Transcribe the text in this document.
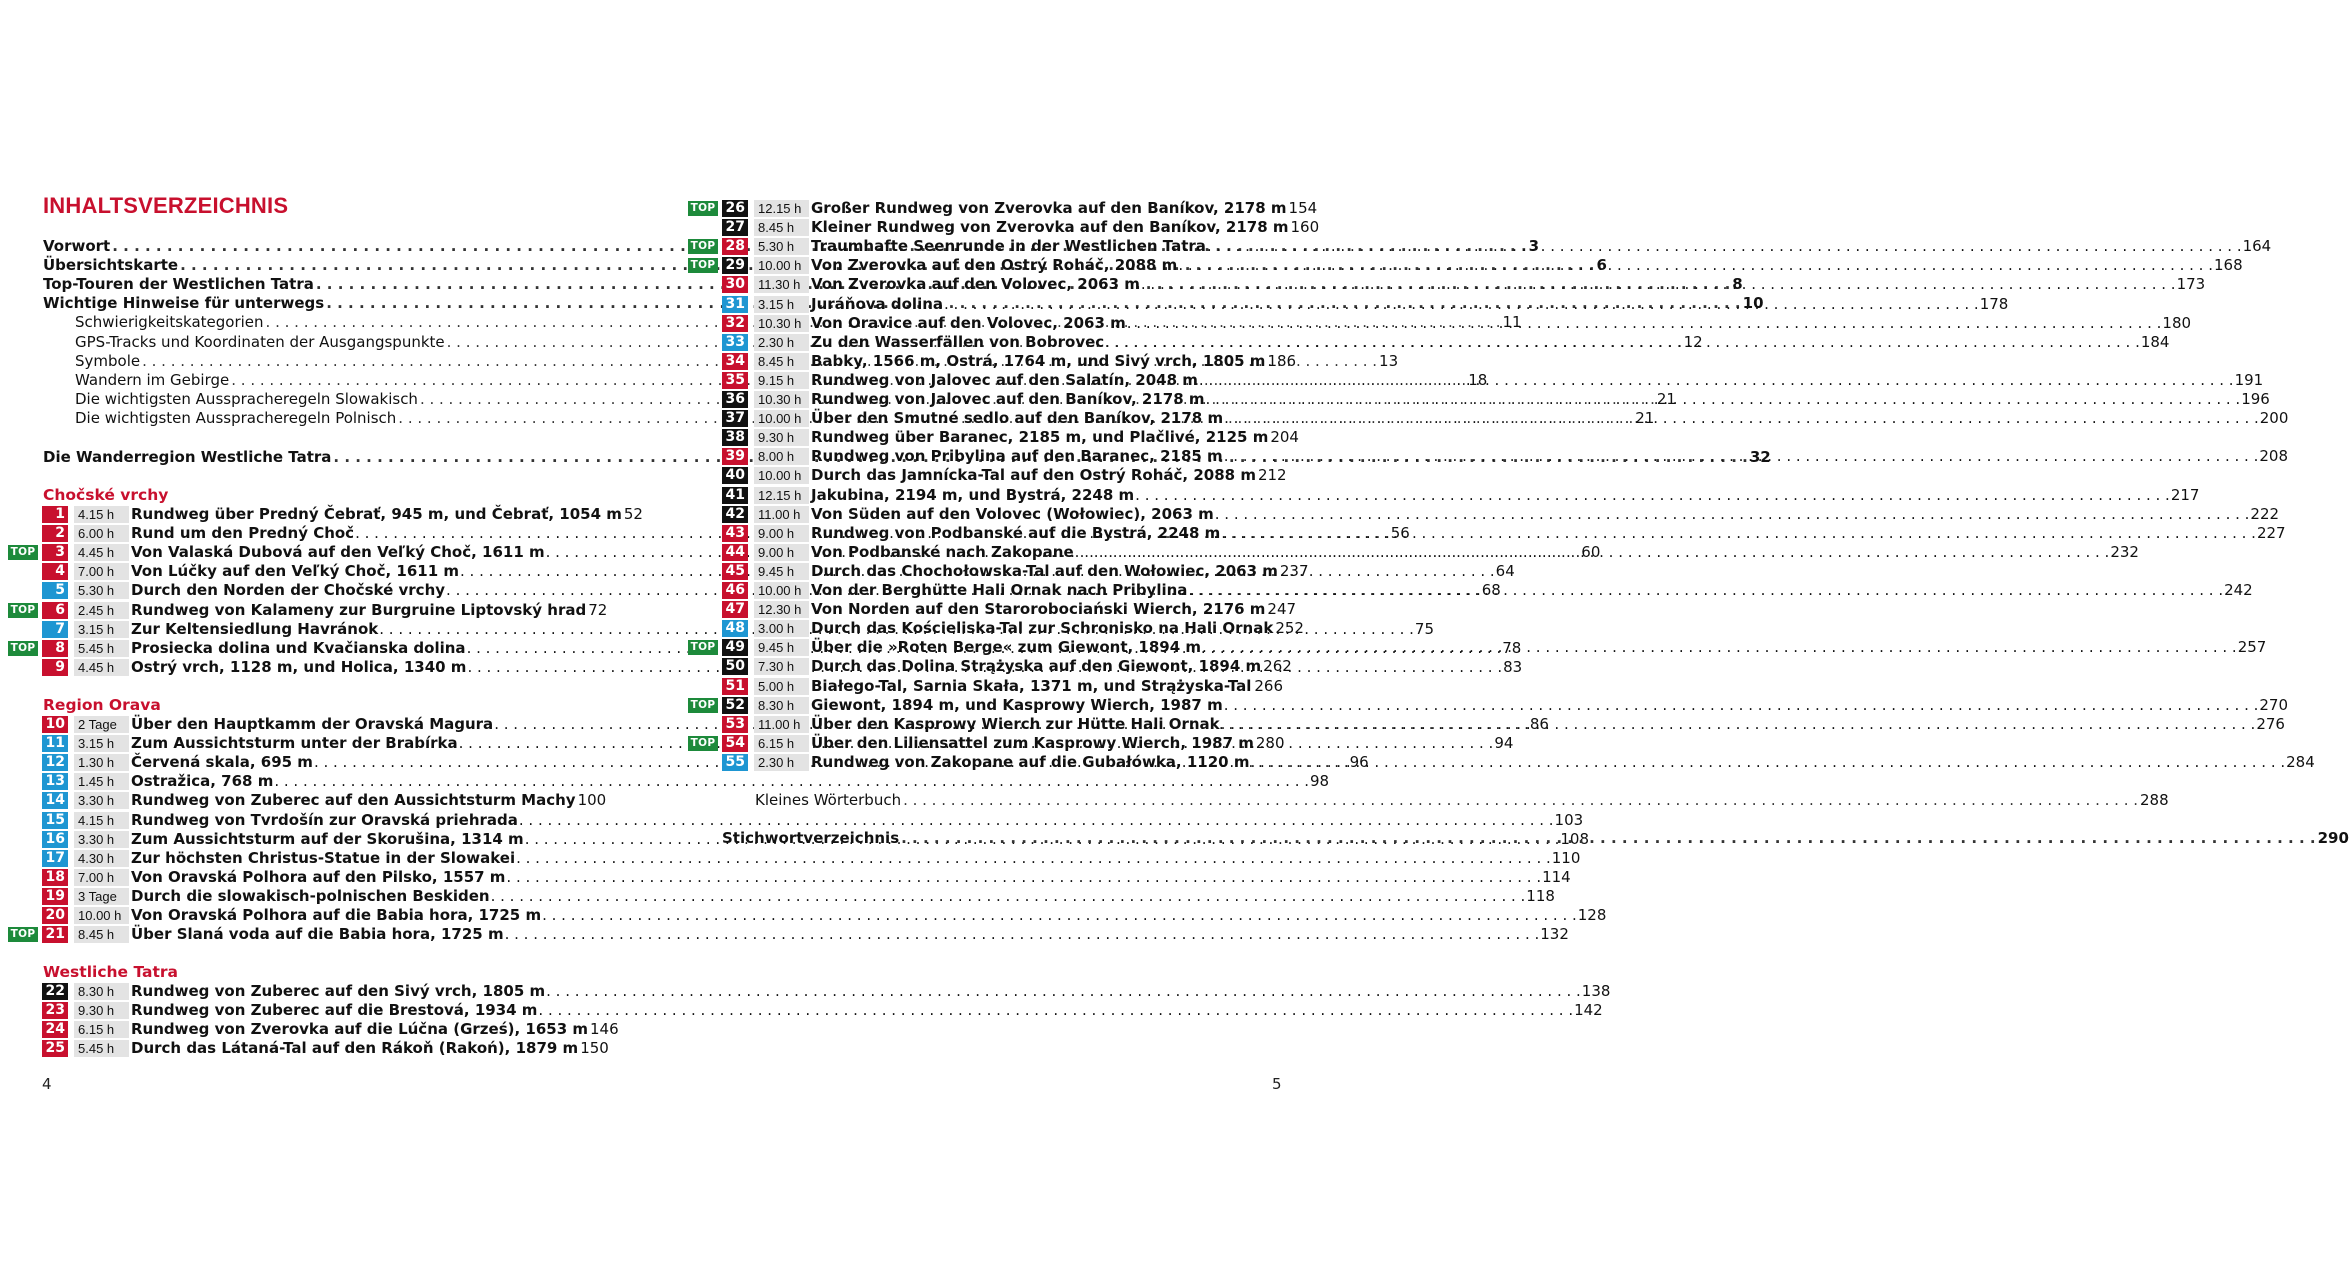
INHALTSVERZEICHNIS
Vorwort . . .	3
Übersichtskarte . . .	6
Top-Touren der Westlichen Tatra . . .	8
Wichtige Hinweise für unterwegs . . .	10
Schwierigkeitskategorien . . .	11
GPS-Tracks und Koordinaten der Ausgangspunkte . . .	12
Symbole . . .	13
Wandern im Gebirge . . .	18
Die wichtigsten Ausspracheregeln Slowakisch . . .	21
Die wichtigsten Ausspracheregeln Polnisch . . .	21
Die Wanderregion Westliche Tatra . . .	32
Chočské vrchy
1	4.15 h	Rundweg über Predný Čebrať, 945 m, und Čebrať, 1054 m 52
2	6.00 h	Rund um den Predný Choč . . .	56
TOP	3	4.45 h	Von Valaská Dubová auf den Veľký Choč, 1611 m . . .	60
4	7.00 h	Von Lúčky auf den Veľký Choč, 1611 m . . .	64
5	5.30 h	Durch den Norden der Chočské vrchy . . .	68
TOP	6	2.45 h	Rundweg von Kalameny zur Burgruine Liptovský hrad 72
7	3.15 h	Zur Keltensiedlung Havránok . . .	75
TOP	8	5.45 h	Prosiecka dolina und Kvačianska dolina . . .	78
9	4.45 h	Ostrý vrch, 1128 m, und Holica, 1340 m . . .	83
Region Orava
10	2 Tage Über den Hauptkamm der Oravská Magura . . .	86
11	3.15 h	Zum Aussichtsturm unter der Brabírka . . .	94
12	1.30 h	Červená skala, 695 m . . .	96
13	1.45 h	Ostražica, 768 m . . .	98
14	3.30 h	Rundweg von Zuberec auf den Aussichtsturm Machy 100
15	4.15 h	Rundweg von Tvrdošín zur Oravská priehrada . . .	103
16	3.30 h	Zum Aussichtsturm auf der Skorušina, 1314 m . . .	108
17	4.30 h	Zur höchsten Christus-Statue in der Slowakei . . .	110
18	7.00 h	Von Oravská Polhora auf den Pilsko, 1557 m . . .	114
19	3 Tage Durch die slowakisch-polnischen Beskiden . . .	118
20	10.00 h Von Oravská Polhora auf die Babia hora, 1725 m . . .	128
TOP 21	8.45 h	Über Slaná voda auf die Babia hora, 1725 m . . .	132
Westliche Tatra
22	8.30 h	Rundweg von Zuberec auf den Sivý vrch, 1805 m . . .	138
23	9.30 h	Rundweg von Zuberec auf die Brestová, 1934 m . . .	142
24	6.15 h	Rundweg von Zverovka auf die Lúčna (Grześ), 1653 m 146
25	5.45 h	Durch das Látaná-Tal auf den Rákoň (Rakoń), 1879 m 150
TOP 26	12.15 h Großer Rundweg von Zverovka auf den Baníkov, 2178 m 154
27	8.45 h	Kleiner Rundweg von Zverovka auf den Baníkov, 2178 m 160
TOP 28	5.30 h	Traumhafte Seenrunde in der Westlichen Tatra . . .	164
TOP 29	10.00 h Von Zverovka auf den Ostrý Roháč, 2088 m . . .	168
30	11.30 h Von Zverovka auf den Volovec, 2063 m . . .	173
31	3.15 h	Juráňova dolina . . .	178
32	10.30 h Von Oravice auf den Volovec, 2063 m . . .	180
33	2.30 h	Zu den Wasserfällen von Bobrovec . . .	184
34	8.45 h	Babky, 1566 m, Ostrá, 1764 m, und Sivý vrch, 1805 m 186
35	9.15 h	Rundweg von Jalovec auf den Salatín, 2048 m . . .	191
36	10.30 h Rundweg von Jalovec auf den Baníkov, 2178 m . . .	196
37	10.00 h Über den Smutné sedlo auf den Baníkov, 2178 m . . .	200
38	9.30 h	Rundweg über Baranec, 2185 m, und Plačlivé, 2125 m 204
39	8.00 h	Rundweg von Pribylina auf den Baranec, 2185 m . . .	208
40	10.00 h Durch das Jamnícka-Tal auf den Ostrý Roháč, 2088 m 212
41	12.15 h Jakubina, 2194 m, und Bystrá, 2248 m . . .	217
42	11.00 h Von Süden auf den Volovec (Wołowiec), 2063 m . . .	222
43	9.00 h	Rundweg von Podbanské auf die Bystrá, 2248 m . . .	227
44	9.00 h	Von Podbanské nach Zakopane . . .	232
45	9.45 h	Durch das Chochołowska-Tal auf den Wołowiec, 2063 m 237
46	10.00 h Von der Berghütte Hali Ornak nach Pribylina . . .	242
47	12.30 h Von Norden auf den Starorobociański Wierch, 2176 m 247
48	3.00 h	Durch das Kościeliska-Tal zur Schronisko na Hali Ornak 252
TOP 49	9.45 h	Über die »Roten Berge« zum Giewont, 1894 m . . .	257
50	7.30 h	Durch das Dolina Strążyska auf den Giewont, 1894 m 262
51	5.00 h	Białego-Tal, Sarnia Skała, 1371 m, und Strążyska-Tal . . . 266
TOP 52	8.30 h	Giewont, 1894 m, und Kasprowy Wierch, 1987 m . . .	270
53	11.00 h Über den Kasprowy Wierch zur Hütte Hali Ornak . . .	276
TOP 54	6.15 h	Über den Liliensattel zum Kasprowy Wierch, 1987 m 280
55	2.30 h	Rundweg von Zakopane auf die Gubałówka, 1120 m . . .	284
Kleines Wörterbuch . . .	288
Stichwortverzeichnis . . .	290
4	5
